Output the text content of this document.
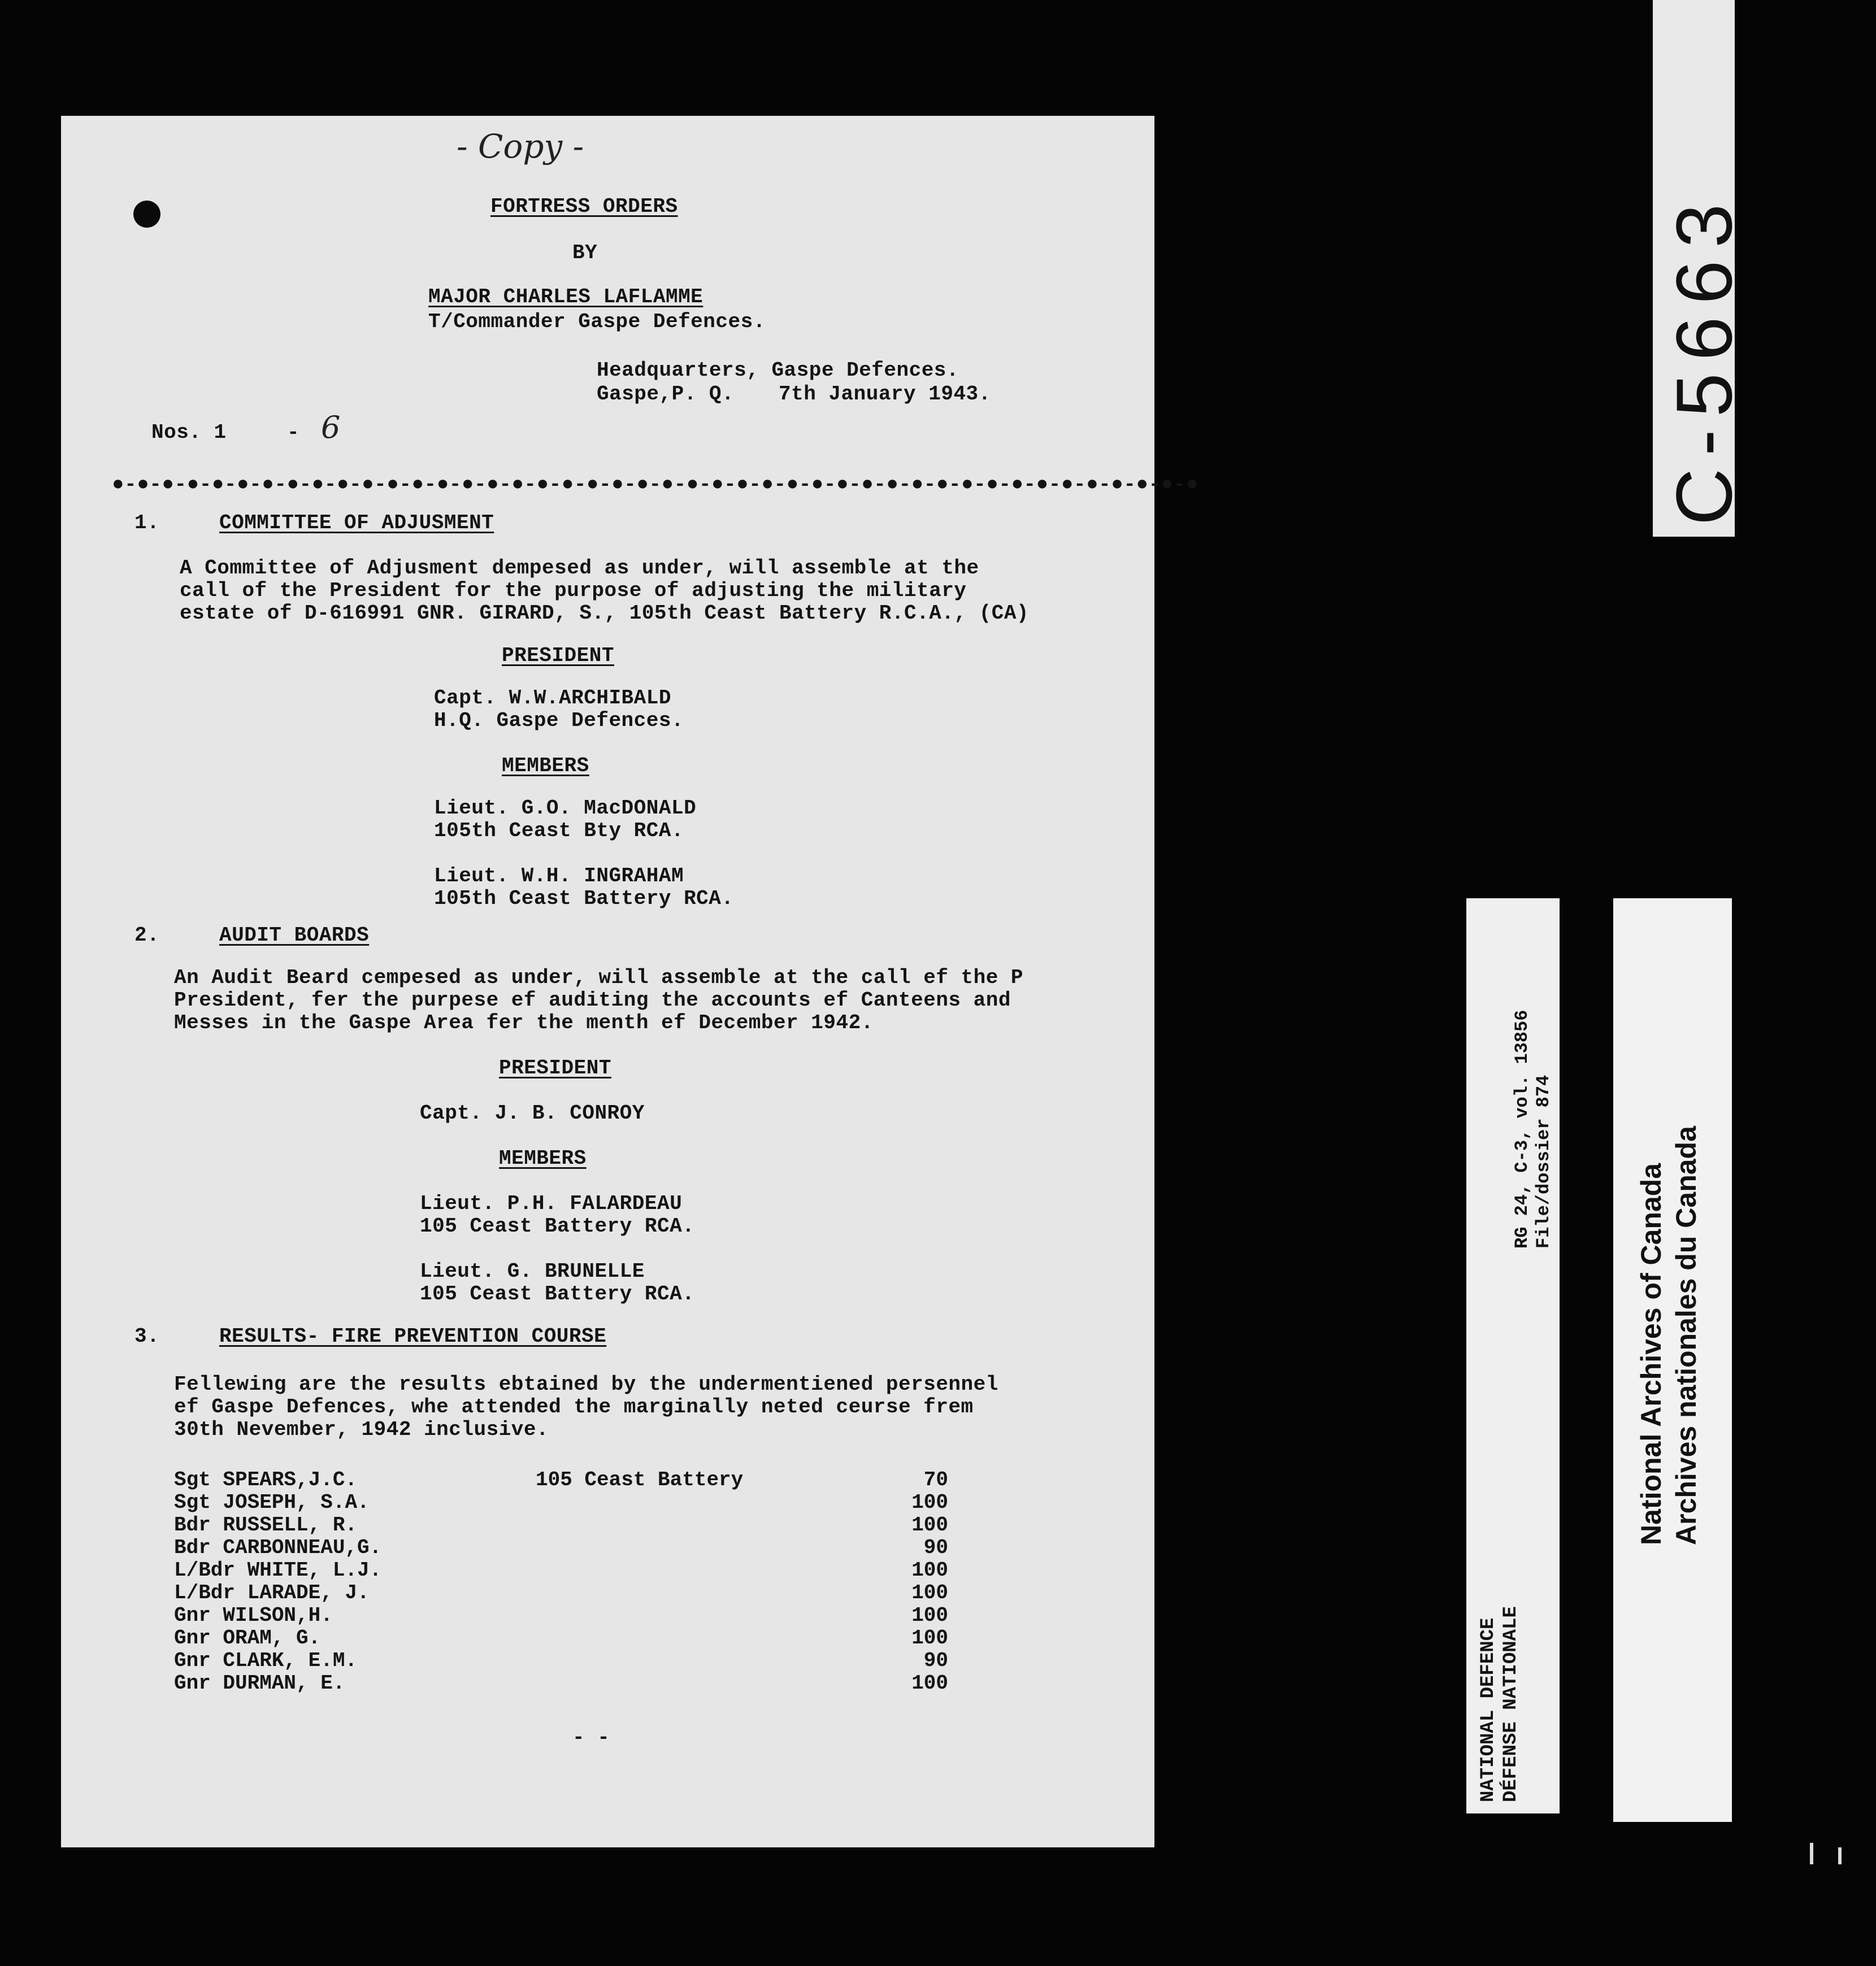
- Copy -
FORTRESS ORDERS
BY
MAJOR CHARLES LAFLAMME
T/Commander Gaspe Defences.
Headquarters, Gaspe Defences.
Gaspe,P. Q. 7th January 1943.
Nos. 1	- 6
●-●-●-●-●-●-●-●-●-●-●-●-●-●-●-●-●-●-●-●-●-●-●-●-●-●-●-●-●-●-●-●-●-●-●-●-●-●-●-●-●-●-●-●
1.	COMMITTEE OF ADJUSMENT
A Committee of Adjusment dempesed as under, will assemble at the
call of the President for the purpose of adjusting the military
estate of D-616991 GNR. GIRARD, S., 105th Ceast Battery R.C.A., (CA)
PRESIDENT
Capt. W.W.ARCHIBALD
H.Q. Gaspe Defences.
MEMBERS
Lieut. G.O. MacDONALD
105th Ceast Bty RCA.
Lieut. W.H. INGRAHAM
105th Ceast Battery RCA.
2.	AUDIT BOARDS
An Audit Beard cempesed as under, will assemble at the call ef the P
President, fer the purpese ef auditing the accounts ef Canteens and
Messes in the Gaspe Area fer the menth ef December 1942.
PRESIDENT
Capt. J. B. CONROY
MEMBERS
Lieut. P.H. FALARDEAU
105 Ceast Battery RCA.
Lieut. G. BRUNELLE
105 Ceast Battery RCA.
3.	RESULTS- FIRE PREVENTION COURSE
Fellewing are the results ebtained by the undermentiened persennel
ef Gaspe Defences, whe attended the marginally neted ceurse frem
30th Nevember, 1942 inclusive.
Sgt SPEARS,J.C.	105 Ceast Battery	70
Sgt JOSEPH, S.A.	100
Bdr RUSSELL, R.	100
Bdr CARBONNEAU,G.	90
L/Bdr WHITE, L.J.	100
L/Bdr LARADE, J.	100
Gnr WILSON,H.	100
Gnr ORAM, G.	100
Gnr CLARK, E.M.	90
Gnr DURMAN, E.	100
- -
C-5663
RG 24, C-3, vol. 13856 File/dossier 874
NATIONAL DEFENCE DÉFENSE NATIONALE
National Archives of Canada Archives nationales du Canada
